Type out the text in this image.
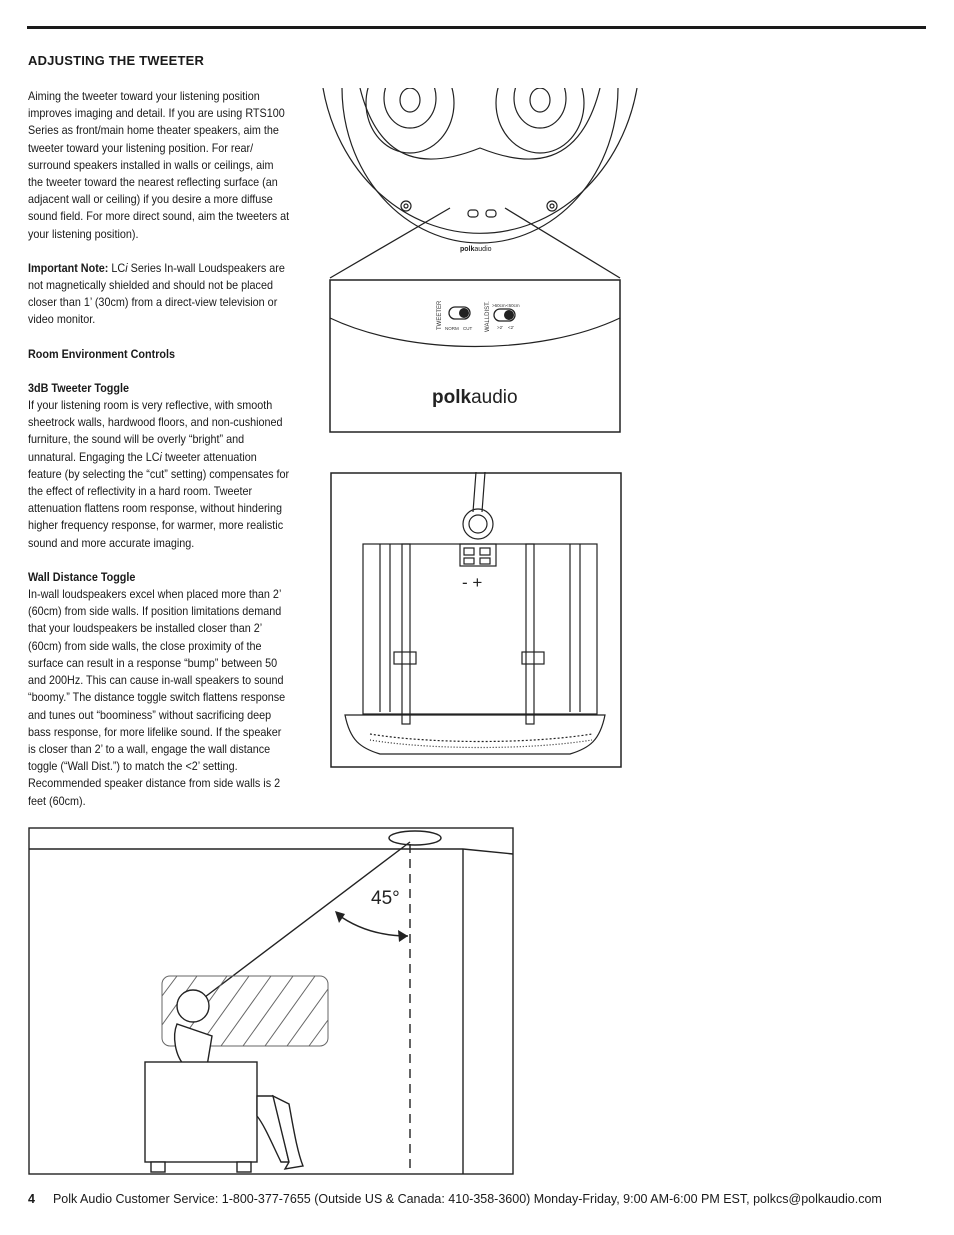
ADJUSTING THE TWEETER

Aiming the tweeter toward your listening position improves imaging and detail. If you are using RTS100 Series as front/main home theater speakers, aim the tweeter toward your listening position. For rear/ surround speakers installed in walls or ceilings, aim the tweeter toward the nearest reflecting surface (an adjacent wall or ceiling) if you desire a more diffuse sound field. For more direct sound, aim the tweeters at your listening position).

Important Note: LCi Series In-wall Loudspeakers are not magnetically shielded and should not be placed closer than 1’ (30cm) from a direct-view television or video monitor.

Room Environment Controls

3dB Tweeter Toggle
If your listening room is very reflective, with smooth sheetrock walls, hardwood floors, and non-cushioned furniture, the sound will be overly “bright” and unnatural. Engaging the LCi tweeter attenuation feature (by selecting the “cut” setting) compensates for the effect of reflectivity in a hard room. Tweeter attenuation flattens room response, without hindering higher frequency response, for warmer, more realistic sound and more accurate imaging.

Wall Distance Toggle
In-wall loudspeakers excel when placed more than 2’ (60cm) from side walls. If position limitations demand that your loudspeakers be installed closer than 2’ (60cm) from side walls, the close proximity of the surface can result in a response “bump” between 50 and 200Hz. This can cause in-wall speakers to sound “boomy.” The distance toggle switch flattens response and tunes out “boominess” without sacrificing deep bass response, for more lifelike sound. If the speaker is closer than 2’ to a wall, engage the wall distance toggle (“Wall Dist.”) to match the <2’ setting. Recommended speaker distance from side walls is 2 feet (60cm).

polkaudio
TWEETER NORM CUT WALLDIST. >60cm <60cm
>2' <2'
polkaudio
- +
45°
4 Polk Audio Customer Service: 1-800-377-7655 (Outside US & Canada: 410-358-3600) Monday-Friday, 9:00 AM-6:00 PM EST, polkcs@polkaudio.com
